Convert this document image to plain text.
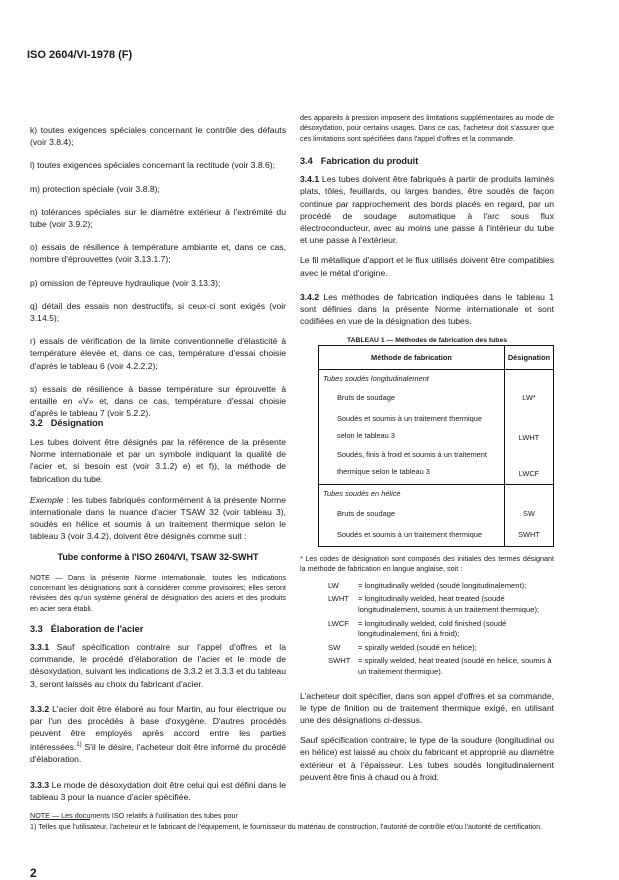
ISO 2604/VI-1978 (F)

k) toutes exigences spéciales concernant le contrôle des défauts (voir 3.8.4);

l) toutes exigences spéciales concernant la rectitude (voir 3.8.6);

m) protection spéciale (voir 3.8.8);

n) tolérances spéciales sur le diamètre extérieur à l'extrémité du tube (voir 3.9.2);

o) essais de résilience à température ambiante et, dans ce cas, nombre d'éprouvettes (voir 3.13.1.7);

p) omission de l'épreuve hydraulique (voir 3.13.3);

q) détail des essais non destructifs, si ceux-ci sont exigés (voir 3.14.5);

r) essais de vérification de la limite conventionnelle d'élasticité à température élevée et, dans ce cas, température d'essai choisie d'après le tableau 6 (voir 4.2.2.2);

s) essais de résilience à basse température sur éprouvette à entaille en «V» et, dans ce cas, température d'essai choisie d'après le tableau 7 (voir 5.2.2).

3.2 Désignation

Les tubes doivent être désignés par la référence de la présente Norme internationale et par un symbole indiquant la qualité de l'acier et, si besoin est (voir 3.1.2) e) et f)), la méthode de fabrication du tube.

Exemple : les tubes fabriqués conformément à la présente Norme internationale dans la nuance d'acier TSAW 32 (voir tableau 3), soudés en hélice et soumis à un traitement thermique selon le tableau 3 (voir 3.4.2), doivent être désignés comme suit :

Tube conforme à l'ISO 2604/VI, TSAW 32-SWHT

NOTE — Dans la présente Norme internationale, toutes les indications concernant les désignations sont à considérer comme provisoires; elles seront révisées dès qu'un système général de désignation des aciers et des produits en acier sera établi.

3.3 Élaboration de l'acier

3.3.1 Sauf spécification contraire sur l'appel d'offres et la commande, le procédé d'élaboration de l'acier et le mode de désoxydation, suivant les indications de 3.3.2 et 3.3.3 et du tableau 3, seront laissés au choix du fabricant d'acier.

3.3.2 L'acier doit être élaboré au four Martin, au four électrique ou par l'un des procédés à base d'oxygène. D'autres procédés peuvent être employés après accord entre les parties intéressées.$^{1)}$ S'il le désire, l'acheteur doit être informé du procédé d'élaboration.

3.3.3 Le mode de désoxydation doit être celui qui est défini dans le tableau 3 pour la nuance d'acier spécifiée.

NOTE — Les documents ISO relatifs à l'utilisation des tubes pour

des appareils à pression imposent des limitations supplémentaires au mode de désoxydation, pour certains usages. Dans ce cas, l'acheteur doit s'assurer que ces limitations sont spécifiées dans l'appel d'offres et la commande.

3.4 Fabrication du produit

3.4.1 Les tubes doivent être fabriqués à partir de produits laminés plats, tôles, feuillards, ou larges bandes, être soudés de façon continue par rapprochement des bords placés en regard, par un procédé de soudage automatique à l'arc sous flux électroconducteur, avec au moins une passe à l'intérieur du tube et une passe à l'extérieur.

Le fil métallique d'apport et le flux utilisés doivent être compatibles avec le métal d'origine.

3.4.2 Les méthodes de fabrication indiquées dans le tableau 1 sont définies dans la présente Norme internationale et sont codifiées en vue de la désignation des tubes.

TABLEAU 1 — Méthodes de fabrication des tubes

Méthode de fabrication	Désignation
Tubes soudés longitudinalement	
Bruts de soudage	LW*
Soudés et soumis à un traitement thermique selon le tableau 3	LWHT
Soudés, finis à froid et soumis à un traitement thermique selon le tableau 3	LWCF
Tubes soudés en hélice	
Bruts de soudage	SW
Soudés et soumis à un traitement thermique	SWHT

* Les codes de désignation sont composés des initiales des termes désignant la méthode de fabrication en langue anglaise, soit :

LW	= longitudinally welded (soudé longitudinalement);
LWHT	= longitudinally welded, heat treated (soudé longitudinalement, soumis à un traitement thermique);
LWCF	= longitudinally welded, cold finished (soudé longitudinalement, fini à froid);
SW	= spirally welded (soudé en hélice);
SWHT	= spirally welded, heat treated (soudé en hélice, soumis à un traitement thermique).

L'acheteur doit spécifier, dans son appel d'offres et sa commande, le type de finition ou de traitement thermique exigé, en utilisant une des désignations ci-dessus.

Sauf spécification contraire, le type de la soudure (longitudinal ou en hélice) est laissé au choix du fabricant et approprié au diamètre extérieur et à l'épaisseur. Les tubes soudés longitudinalement peuvent être finis à chaud ou à froid.

1) Telles que l'utilisateur, l'acheteur et le fabricant de l'équipement, le fournisseur du matériau de construction, l'autorité de contrôle et/ou l'autorité de certification.

2
